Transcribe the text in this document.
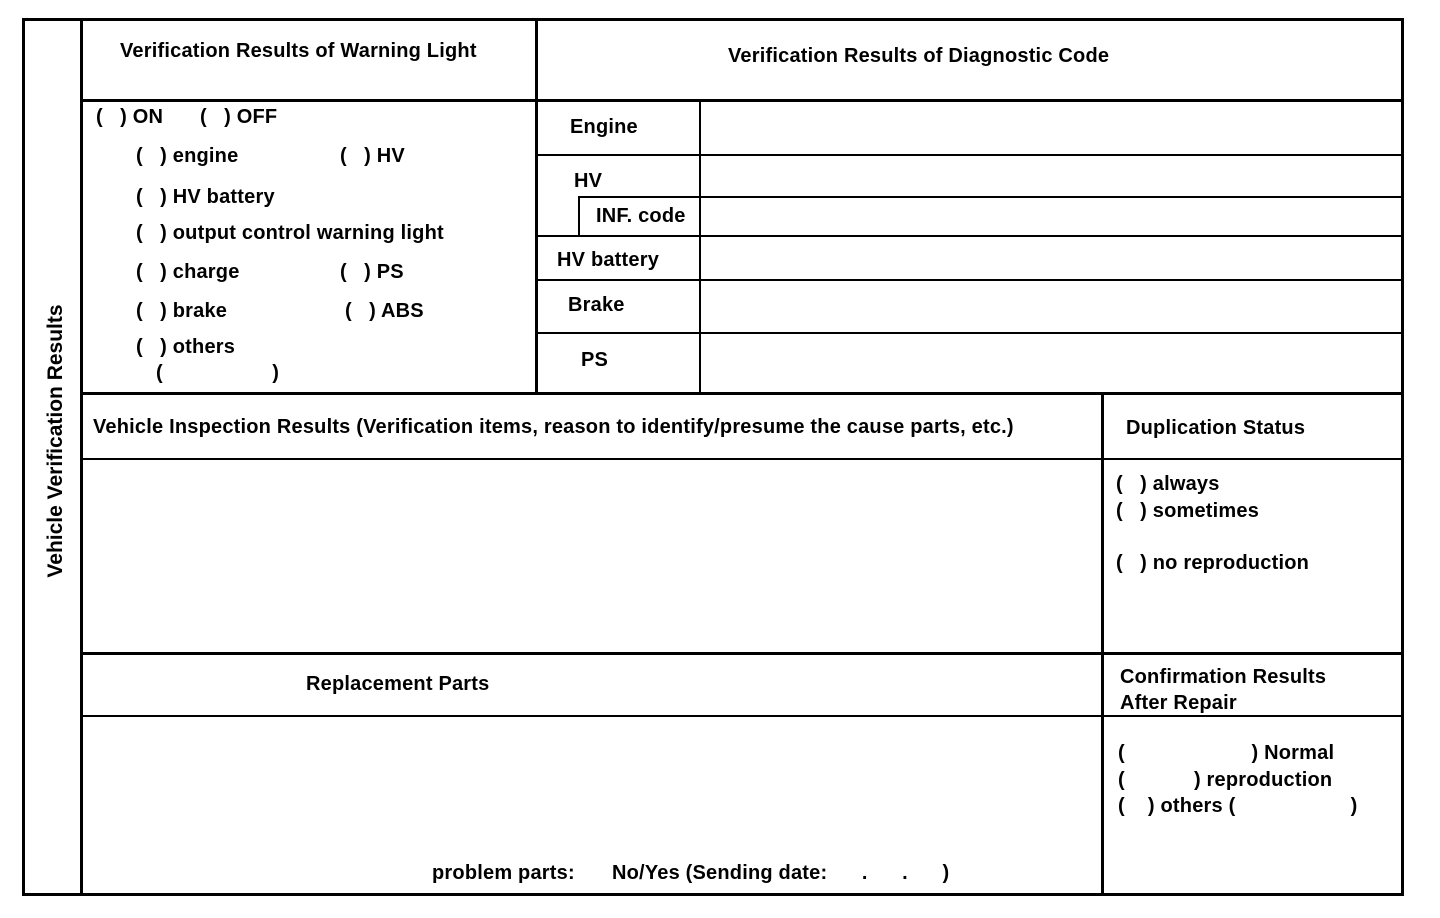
Vehicle Verification Results
Verification Results of Warning Light
(   ) ON (   ) OFF
(   ) engine	(   ) HV
(   ) HV battery
(   ) output control warning light
(   ) charge	(   ) PS
(   ) brake	(   ) ABS
(   ) others
(                   )
Verification Results of Diagnostic Code
Engine
HV
INF. code
HV battery
Brake
PS
Vehicle Inspection Results (Verification items, reason to identify/presume the cause parts, etc.)	Duplication Status
(   ) always
(   ) sometimes
(   ) no reproduction
Replacement Parts
problem parts: No/Yes (Sending date:      .      .      )
Confirmation Results
After Repair
(                      ) Normal
(            ) reproduction
(    ) others (                    )
